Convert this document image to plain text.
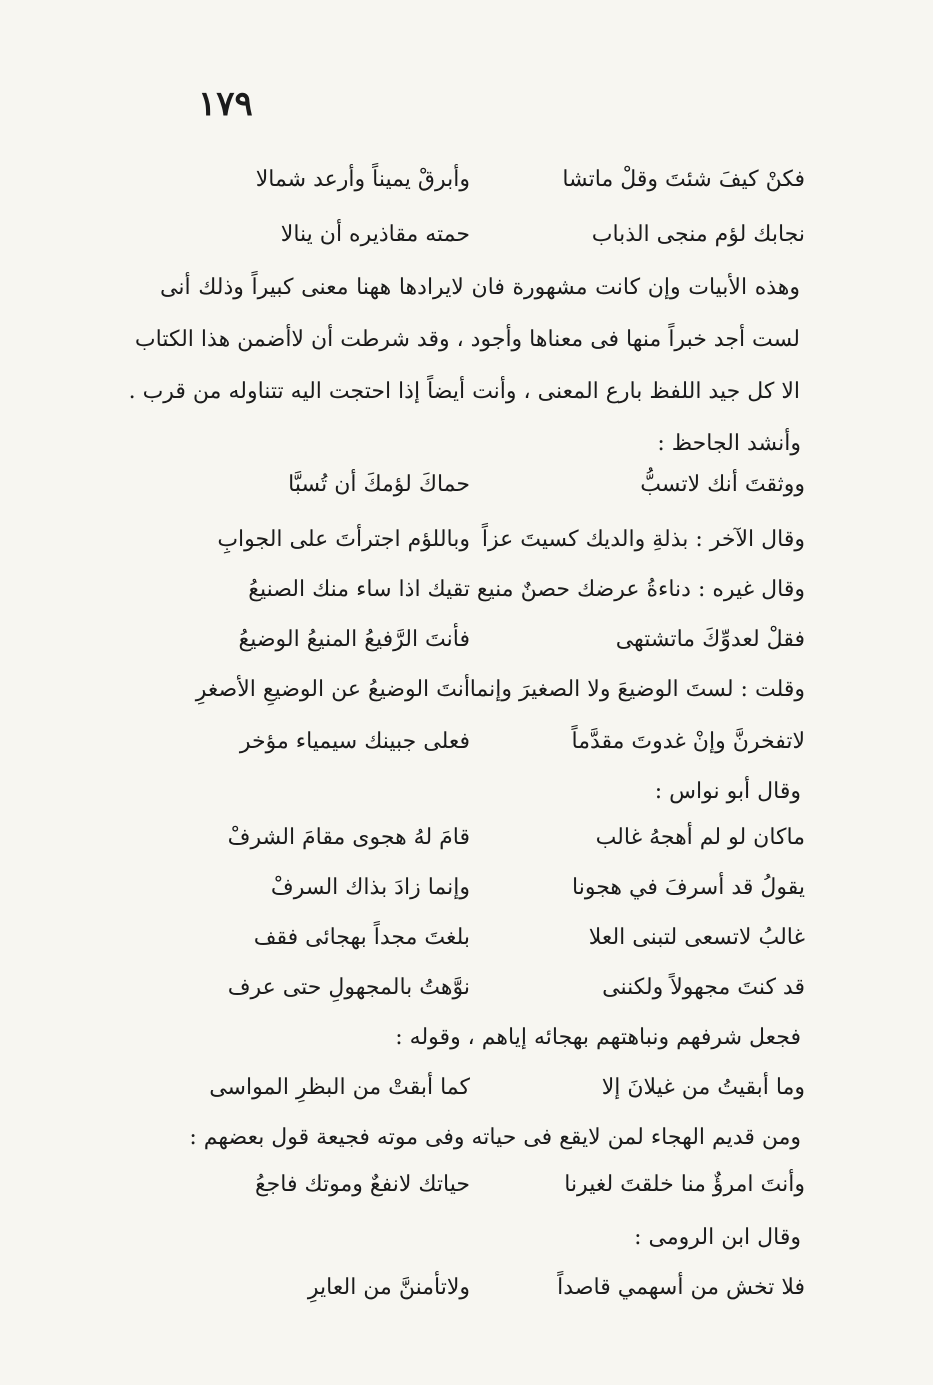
١٧٩
فكنْ كيفَ شئتَ وقلْ ماتشا
وأبرقْ يميناً وأرعد شمالا
نجابك لؤم منجى الذباب
حمته مقاذيره أن ينالا
وهذه الأبيات وإن كانت مشهورة فان لايرادها ههنا معنى كبيراً وذلك أنى
لست أجد خبراً منها فى معناها وأجود ، وقد شرطت أن لاأضمن هذا الكتاب
الا كل جيد اللفظ بارع المعنى ، وأنت أيضاً إذا احتجت اليه تتناوله من قرب .
وأنشد الجاحظ :
ووثقتَ أنك لاتسبُّ
حماكَ لؤمكَ أن تُسبَّا
وقال الآخر : بذلةِ والديك كسيتَ عزاً
وباللؤم اجترأتَ على الجوابِ
وقال غيره : دناءةُ عرضك حصنٌ منيع
تقيك اذا ساء منك الصنيعُ
فقلْ لعدوِّكَ ماتشتهى
فأنتَ الرَّفيعُ المنيعُ الوضيعُ
وقلت : لستَ الوضيعَ ولا الصغيرَ وإنما
أنتَ الوضيعُ عن الوضيعِ الأصغرِ
لاتفخرنَّ وإنْ غدوتَ مقدَّماً
فعلى جبينك سيمياء مؤخر
وقال أبو نواس :
ماكان لو لم أهجهُ غالب
قامَ لهُ هجوى مقامَ الشرفْ
يقولُ قد أسرفَ في هجونا
وإنما زادَ بذاك السرفْ
غالبُ لاتسعى لتبنى العلا
بلغتَ مجداً بهجائى فقف
قد كنتَ مجهولاً ولكننى
نوَّهتُ بالمجهولِ حتى عرف
فجعل شرفهم ونباهتهم بهجائه إياهم ، وقوله :
وما أبقيتُ من غيلانَ إلا
كما أبقتْ من البظرِ المواسى
ومن قديم الهجاء لمن لايقع فى حياته وفى موته فجيعة قول بعضهم :
وأنتَ امرؤٌ منا خلقتَ لغيرنا
حياتك لانفعٌ وموتك فاجعُ
وقال ابن الرومى :
فلا تخش من أسهمي قاصداً
ولاتأمننَّ من العايرِ
